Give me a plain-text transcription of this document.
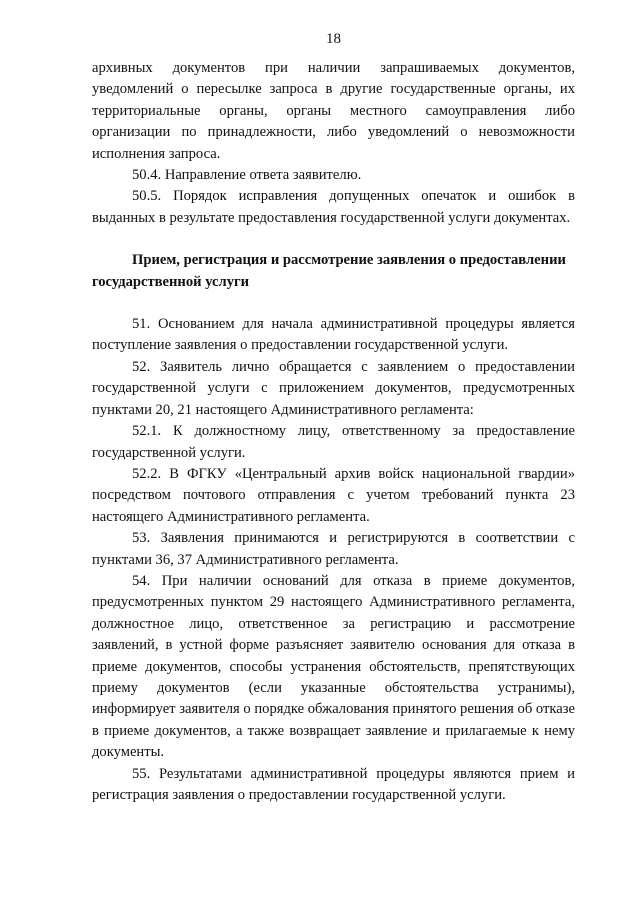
18

архивных документов при наличии запрашиваемых документов, уведомлений о пересылке запроса в другие государственные органы, их территориальные органы, органы местного самоуправления либо организации по принадлежности, либо уведомлений о невозможности исполнения запроса.

50.4. Направление ответа заявителю.

50.5. Порядок исправления допущенных опечаток и ошибок в выданных в результате предоставления государственной услуги документах.

Прием, регистрация и рассмотрение заявления о предоставлении государственной услуги

51. Основанием для начала административной процедуры является поступление заявления о предоставлении государственной услуги.

52. Заявитель лично обращается с заявлением о предоставлении государственной услуги с приложением документов, предусмотренных пунктами 20, 21 настоящего Административного регламента:

52.1. К должностному лицу, ответственному за предоставление государственной услуги.

52.2. В ФГКУ «Центральный архив войск национальной гвардии» посредством почтового отправления с учетом требований пункта 23 настоящего Административного регламента.

53. Заявления принимаются и регистрируются в соответствии с пунктами 36, 37 Административного регламента.

54. При наличии оснований для отказа в приеме документов, предусмотренных пунктом 29 настоящего Административного регламента, должностное лицо, ответственное за регистрацию и рассмотрение заявлений, в устной форме разъясняет заявителю основания для отказа в приеме документов, способы устранения обстоятельств, препятствующих приему документов (если указанные обстоятельства устранимы), информирует заявителя о порядке обжалования принятого решения об отказе в приеме документов, а также возвращает заявление и прилагаемые к нему документы.

55. Результатами административной процедуры являются прием и регистрация заявления о предоставлении государственной услуги.
